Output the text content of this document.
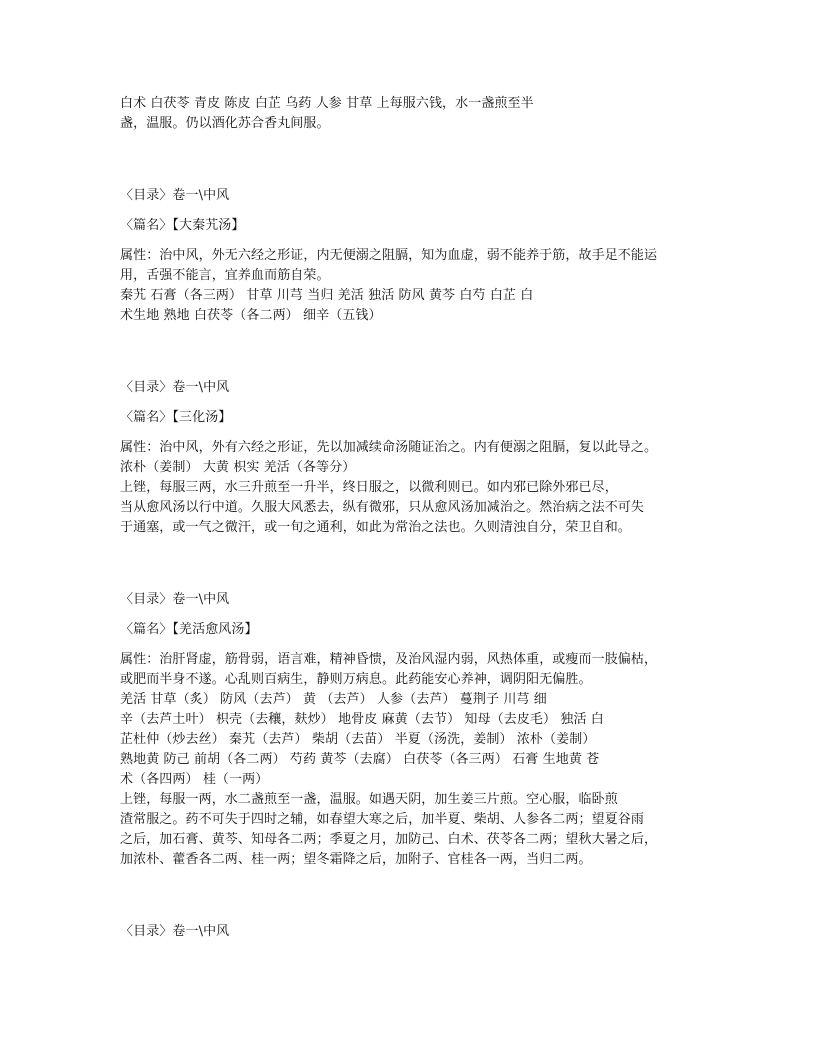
白术 白茯苓 青皮 陈皮 白芷 乌药 人参 甘草 上每服六钱，水一盏煎至半
盏，温服。仍以酒化苏合香丸间服。
〈目录〉卷一\中风
〈篇名〉【大秦艽汤】
属性：治中风，外无六经之形证，内无便溺之阻膈，知为血虚，弱不能养于筋，故手足不能运
用，舌强不能言，宜养血而筋自荣。
秦艽 石膏（各三两） 甘草 川芎 当归 羌活 独活 防风 黄芩 白芍 白芷 白
术生地 熟地 白茯苓（各二两） 细辛（五钱）
〈目录〉卷一\中风
〈篇名〉【三化汤】
属性：治中风，外有六经之形证，先以加减续命汤随证治之。内有便溺之阻膈，复以此导之。
浓朴（姜制） 大黄 枳实 羌活（各等分）
上锉，每服三两，水三升煎至一升半，终日服之，以微利则已。如内邪已除外邪已尽，
当从愈风汤以行中道。久服大风悉去，纵有微邪，只从愈风汤加减治之。然治病之法不可失
于通塞，或一气之微汗，或一旬之通利，如此为常治之法也。久则清浊自分，荣卫自和。
〈目录〉卷一\中风
〈篇名〉【羌活愈风汤】
属性：治肝肾虚，筋骨弱，语言难，精神昏愦，及治风湿内弱，风热体重，或瘦而一肢偏枯，
或肥而半身不遂。心乱则百病生，静则万病息。此药能安心养神，调阴阳无偏胜。
羌活 甘草（炙） 防风（去芦） 黄 （去芦） 人参（去芦） 蔓荆子 川芎 细
辛（去芦土叶） 枳壳（去穰，麸炒） 地骨皮 麻黄（去节） 知母（去皮毛） 独活 白
芷杜仲（炒去丝） 秦艽（去芦） 柴胡（去苗） 半夏（汤洗，姜制） 浓朴（姜制）
熟地黄 防己 前胡（各二两） 芍药 黄芩（去腐） 白茯苓（各三两） 石膏 生地黄 苍
术（各四两） 桂（一两）
上锉，每服一两，水二盏煎至一盏，温服。如遇天阴，加生姜三片煎。空心服，临卧煎
渣常服之。药不可失于四时之辅，如春望大寒之后，加半夏、柴胡、人参各二两；望夏谷雨
之后，加石膏、黄芩、知母各二两；季夏之月，加防己、白术、茯苓各二两；望秋大暑之后，
加浓朴、藿香各二两、桂一两；望冬霜降之后，加附子、官桂各一两，当归二两。
〈目录〉卷一\中风
